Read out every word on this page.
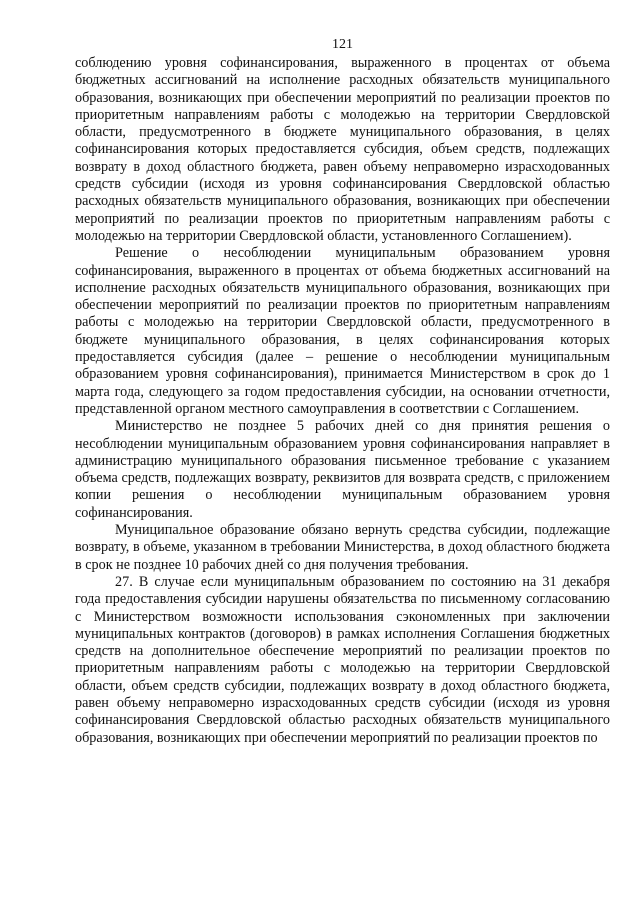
121

соблюдению уровня софинансирования, выраженного в процентах от объема бюджетных ассигнований на исполнение расходных обязательств муниципального образования, возникающих при обеспечении мероприятий по реализации проектов по приоритетным направлениям работы с молодежью на территории Свердловской области, предусмотренного в бюджете муниципального образования, в целях софинансирования которых предоставляется субсидия, объем средств, подлежащих возврату в доход областного бюджета, равен объему неправомерно израсходованных средств субсидии (исходя из уровня софинансирования Свердловской областью расходных обязательств муниципального образования, возникающих при обеспечении мероприятий по реализации проектов по приоритетным направлениям работы с молодежью на территории Свердловской области, установленного Соглашением).

Решение о несоблюдении муниципальным образованием уровня софинансирования, выраженного в процентах от объема бюджетных ассигнований на исполнение расходных обязательств муниципального образования, возникающих при обеспечении мероприятий по реализации проектов по приоритетным направлениям работы с молодежью на территории Свердловской области, предусмотренного в бюджете муниципального образования, в целях софинансирования которых предоставляется субсидия (далее – решение о несоблюдении муниципальным образованием уровня софинансирования), принимается Министерством в срок до 1 марта года, следующего за годом предоставления субсидии, на основании отчетности, представленной органом местного самоуправления в соответствии с Соглашением.

Министерство не позднее 5 рабочих дней со дня принятия решения о несоблюдении муниципальным образованием уровня софинансирования направляет в администрацию муниципального образования письменное требование с указанием объема средств, подлежащих возврату, реквизитов для возврата средств, с приложением копии решения о несоблюдении муниципальным образованием уровня софинансирования.

Муниципальное образование обязано вернуть средства субсидии, подлежащие возврату, в объеме, указанном в требовании Министерства, в доход областного бюджета в срок не позднее 10 рабочих дней со дня получения требования.

27. В случае если муниципальным образованием по состоянию на 31 декабря года предоставления субсидии нарушены обязательства по письменному согласованию с Министерством возможности использования сэкономленных при заключении муниципальных контрактов (договоров) в рамках исполнения Соглашения бюджетных средств на дополнительное обеспечение мероприятий по реализации проектов по приоритетным направлениям работы с молодежью на территории Свердловской области, объем средств субсидии, подлежащих возврату в доход областного бюджета, равен объему неправомерно израсходованных средств субсидии (исходя из уровня софинансирования Свердловской областью расходных обязательств муниципального образования, возникающих при обеспечении мероприятий по реализации проектов по
